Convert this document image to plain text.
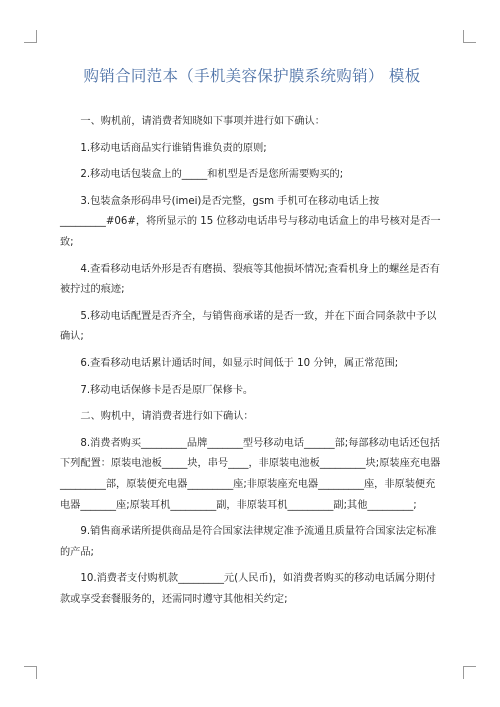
购销合同范本（手机美容保护膜系统购销） 模板

一、购机前，请消费者知晓如下事项并进行如下确认：

1.移动电话商品实行谁销售谁负责的原则;

2.移动电话包装盒上的_____和机型是否是您所需要购买的;

3.包装盒条形码串号(imei)是否完整，gsm 手机可在移动电话上按_________#06#，将所显示的 15 位移动电话串号与移动电话盒上的串号核对是否一致;

4.查看移动电话外形是否有磨损、裂痕等其他损坏情况;查看机身上的螺丝是否有被拧过的痕迹;

5.移动电话配置是否齐全，与销售商承诺的是否一致，并在下面合同条款中予以确认;

6.查看移动电话累计通话时间，如显示时间低于 10 分钟，属正常范围;

7.移动电话保修卡是否是原厂保修卡。

二、购机中，请消费者进行如下确认：

8.消费者购买_________品牌_______型号移动电话______部;每部移动电话还包括下列配置：原装电池板_____块，串号____，非原装电池板_________块;原装座充电器_________部，原装便充电器_________座;非原装座充电器_________座，非原装便充电器_______座;原装耳机_________副，非原装耳机_________副;其他_________;

9.销售商承诺所提供商品是符合国家法律规定准予流通且质量符合国家法定标准的产品;

10.消费者支付购机款_________元(人民币)，如消费者购买的移动电话属分期付款或享受套餐服务的，还需同时遵守其他相关约定;
